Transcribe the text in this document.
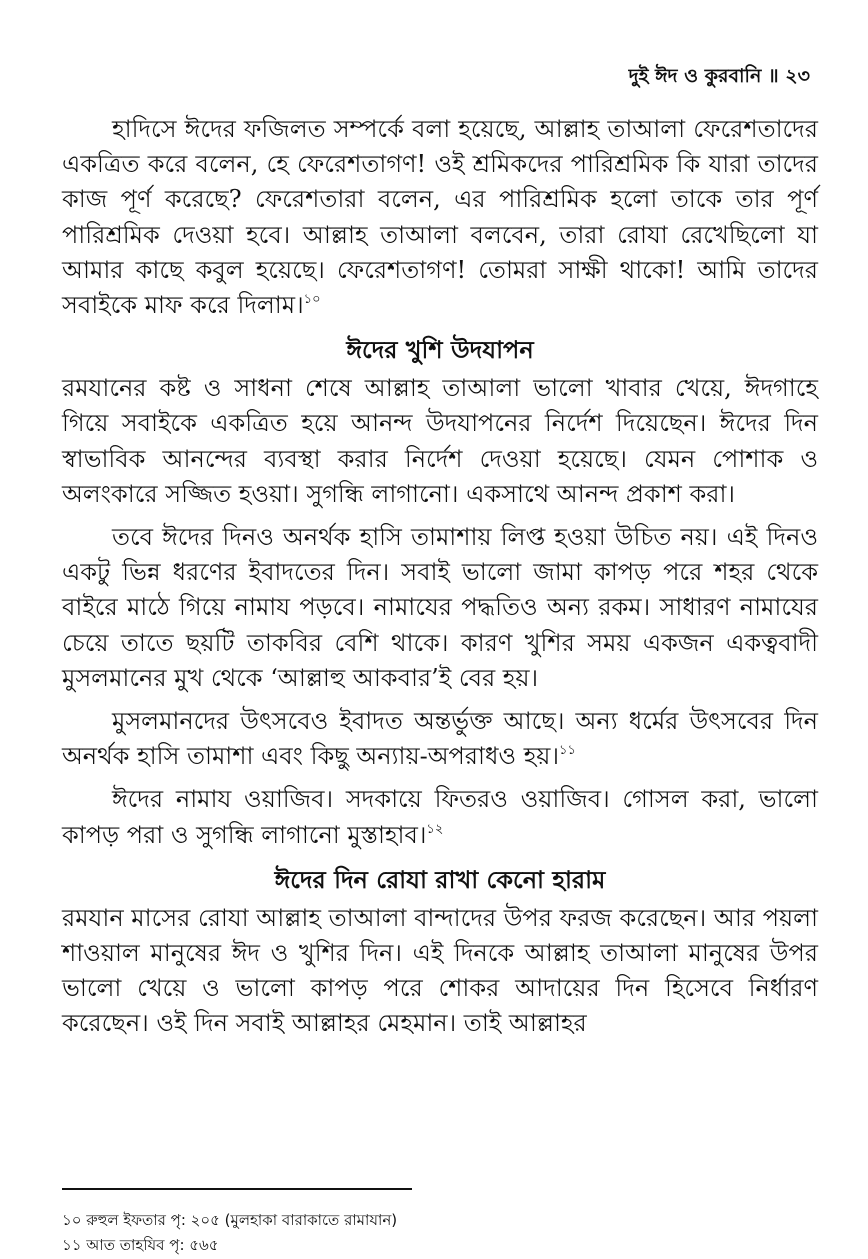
দুই ঈদ ও কুরবানি ॥ ২৩

হাদিসে ঈদের ফজিলত সম্পর্কে বলা হয়েছে, আল্লাহ তাআলা ফেরেশতাদের একত্রিত করে বলেন, হে ফেরেশতাগণ! ওই শ্রমিকদের পারিশ্রমিক কি যারা তাদের কাজ পূর্ণ করেছে? ফেরেশতারা বলেন, এর পারিশ্রমিক হলো তাকে তার পূর্ণ পারিশ্রমিক দেওয়া হবে। আল্লাহ তাআলা বলবেন, তারা রোযা রেখেছিলো যা আমার কাছে কবুল হয়েছে। ফেরেশতাগণ! তোমরা সাক্ষী থাকো! আমি তাদের সবাইকে মাফ করে দিলাম।$^{১০}$

ঈদের খুশি উদযাপন

রমযানের কষ্ট ও সাধনা শেষে আল্লাহ তাআলা ভালো খাবার খেয়ে, ঈদগাহে গিয়ে সবাইকে একত্রিত হয়ে আনন্দ উদযাপনের নির্দেশ দিয়েছেন। ঈদের দিন স্বাভাবিক আনন্দের ব্যবস্থা করার নির্দেশ দেওয়া হয়েছে। যেমন পোশাক ও অলংকারে সজ্জিত হওয়া। সুগন্ধি লাগানো। একসাথে আনন্দ প্রকাশ করা।

তবে ঈদের দিনও অনর্থক হাসি তামাশায় লিপ্ত হওয়া উচিত নয়। এই দিনও একটু ভিন্ন ধরণের ইবাদতের দিন। সবাই ভালো জামা কাপড় পরে শহর থেকে বাইরে মাঠে গিয়ে নামায পড়বে। নামাযের পদ্ধতিও অন্য রকম। সাধারণ নামাযের চেয়ে তাতে ছয়টি তাকবির বেশি থাকে। কারণ খুশির সময় একজন একত্ববাদী মুসলমানের মুখ থেকে ‘আল্লাহু আকবার’ই বের হয়।

মুসলমানদের উৎসবেও ইবাদত অন্তর্ভুক্ত আছে। অন্য ধর্মের উৎসবের দিন অনর্থক হাসি তামাশা এবং কিছু অন্যায়-অপরাধও হয়।$^{১১}$

ঈদের নামায ওয়াজিব। সদকায়ে ফিতরও ওয়াজিব। গোসল করা, ভালো কাপড় পরা ও সুগন্ধি লাগানো মুস্তাহাব।$^{১২}$

ঈদের দিন রোযা রাখা কেনো হারাম

রমযান মাসের রোযা আল্লাহ তাআলা বান্দাদের উপর ফরজ করেছেন। আর পয়লা শাওয়াল মানুষের ঈদ ও খুশির দিন। এই দিনকে আল্লাহ তাআলা মানুষের উপর ভালো খেয়ে ও ভালো কাপড় পরে শোকর আদায়ের দিন হিসেবে নির্ধারণ করেছেন। ওই দিন সবাই আল্লাহর মেহমান। তাই আল্লাহর

১০ রুহুল ইফতার পৃ: ২০৫ (মুলহাকা বারাকাতে রামাযান)
১১ আত তাহযিব পৃ: ৫৬৫
